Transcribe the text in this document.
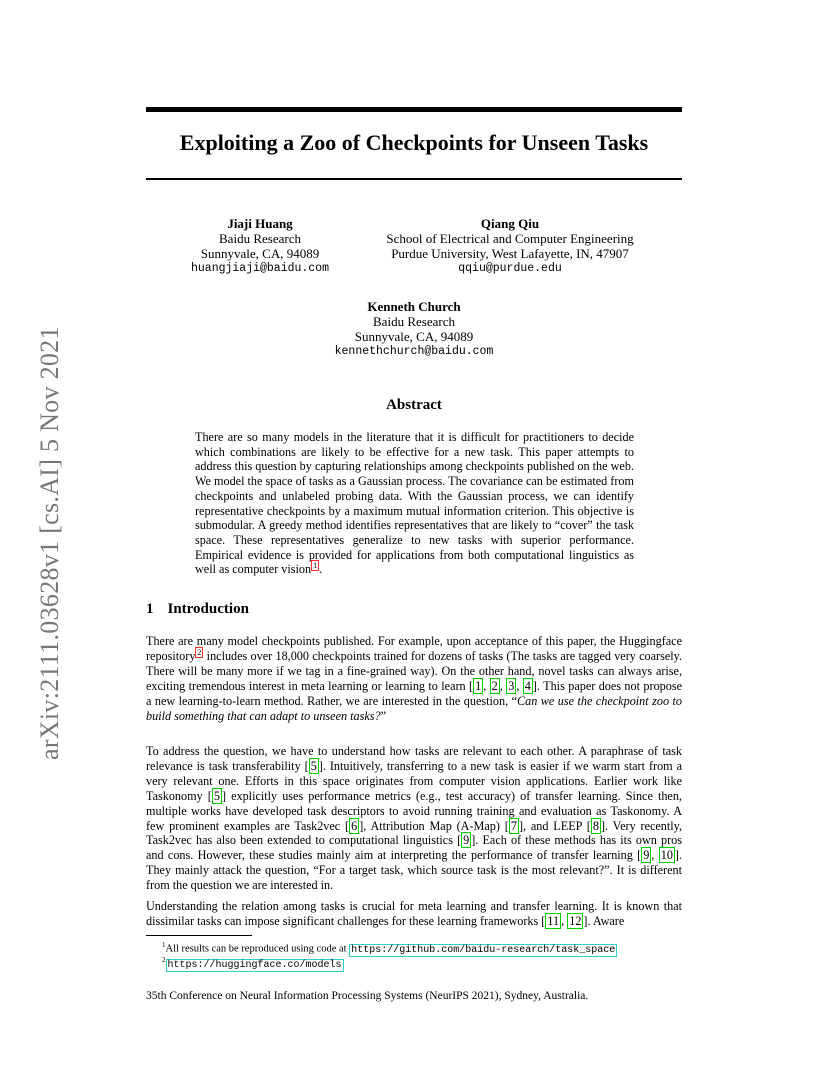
arXiv:2111.03628v1 [cs.AI] 5 Nov 2021
Exploiting a Zoo of Checkpoints for Unseen Tasks
Jiaji Huang
Baidu Research
Sunnyvale, CA, 94089
huangjiaji@baidu.com
Qiang Qiu
School of Electrical and Computer Engineering
Purdue University, West Lafayette, IN, 47907
qqiu@purdue.edu
Kenneth Church
Baidu Research
Sunnyvale, CA, 94089
kennethchurch@baidu.com
Abstract
There are so many models in the literature that it is difficult for practitioners to decide which combinations are likely to be effective for a new task. This paper attempts to address this question by capturing relationships among checkpoints published on the web. We model the space of tasks as a Gaussian process. The covariance can be estimated from checkpoints and unlabeled probing data. With the Gaussian process, we can identify representative checkpoints by a maximum mutual information criterion. This objective is submodular. A greedy method identifies representatives that are likely to “cover” the task space. These representatives generalize to new tasks with superior performance. Empirical evidence is provided for applications from both computational linguistics as well as computer vision $^1$ .
1 Introduction
There are many model checkpoints published. For example, upon acceptance of this paper, the Huggingface repository $^2$ includes over 18,000 checkpoints trained for dozens of tasks (The tasks are tagged very coarsely. There will be many more if we tag in a fine-grained way). On the other hand, novel tasks can always arise, exciting tremendous interest in meta learning or learning to learn [ 1 , 2 , 3 , 4 ]. This paper does not propose a new learning-to-learn method. Rather, we are interested in the question, “Can we use the checkpoint zoo to build something that can adapt to unseen tasks?”
To address the question, we have to understand how tasks are relevant to each other. A paraphrase of task relevance is task transferability [ 5 ]. Intuitively, transferring to a new task is easier if we warm start from a very relevant one. Efforts in this space originates from computer vision applications. Earlier work like Taskonomy [ 5 ] explicitly uses performance metrics (e.g., test accuracy) of transfer learning. Since then, multiple works have developed task descriptors to avoid running training and evaluation as Taskonomy. A few prominent examples are Task2vec [ 6 ], Attribution Map (A-Map) [ 7 ], and LEEP [ 8 ]. Very recently, Task2vec has also been extended to computational linguistics [ 9 ]. Each of these methods has its own pros and cons. However, these studies mainly aim at interpreting the performance of transfer learning [ 9 , 10 ]. They mainly attack the question, “For a target task, which source task is the most relevant?”. It is different from the question we are interested in.
Understanding the relation among tasks is crucial for meta learning and transfer learning. It is known that dissimilar tasks can impose significant challenges for these learning frameworks [ 11 , 12 ]. Aware
$^1$All results can be reproduced using code at https://github.com/baidu-research/task_space
$^2$ https://huggingface.co/models
35th Conference on Neural Information Processing Systems (NeurIPS 2021), Sydney, Australia.
